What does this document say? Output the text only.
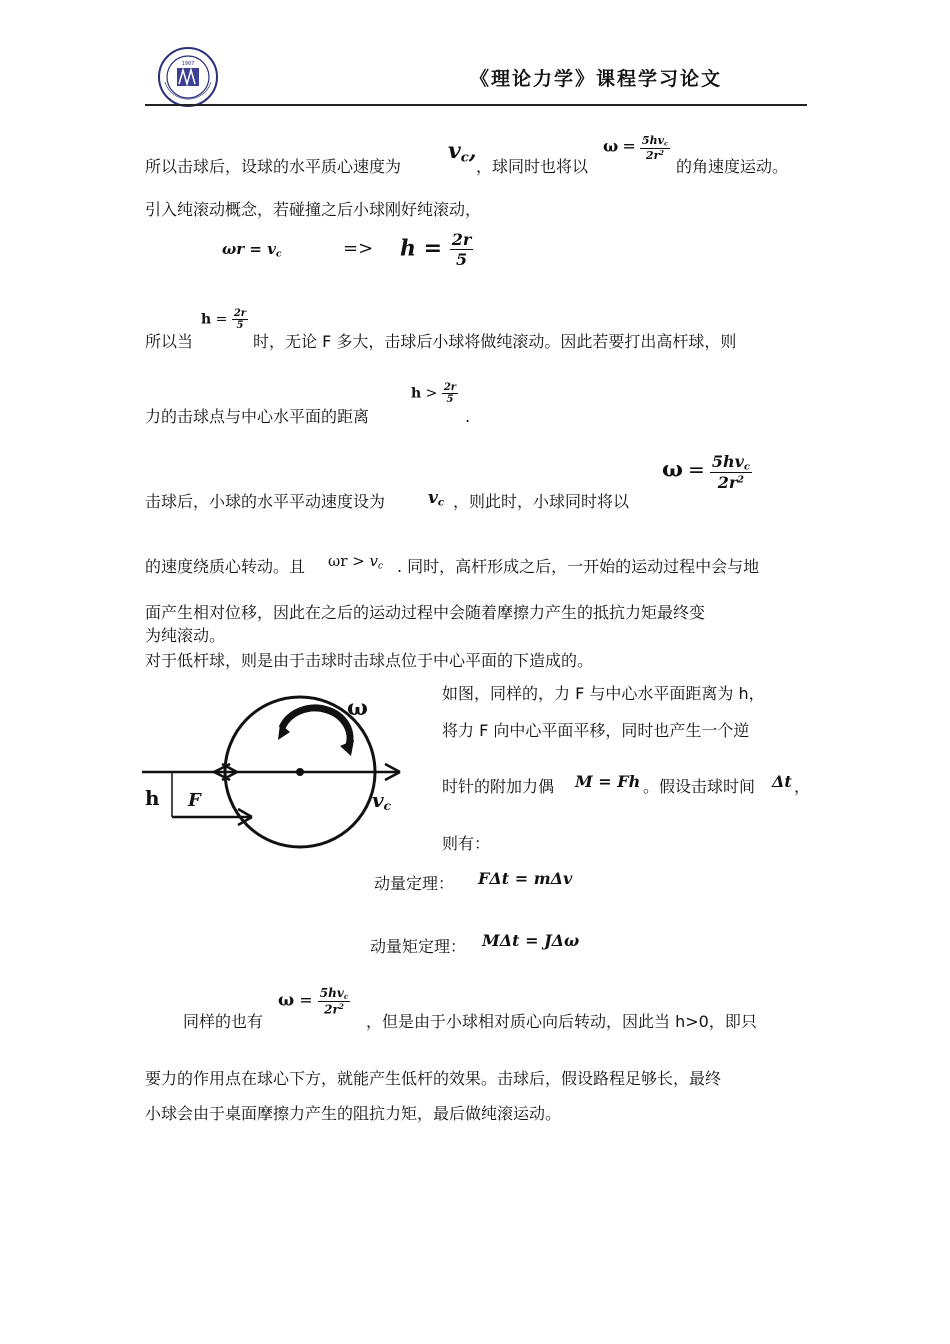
1907
《理论力学》课程学习论文
所以击球后，设球的水平质心速度为
$v_c$,
，球同时也将以
$\omega = \frac{5hv_c}{2r^2}$
的角速度运动。
引入纯滚动概念，若碰撞之后小球刚好纯滚动，
$\omega r = v_c$	=> $h = \frac{2r}{5}$
所以当
$h = \frac{2r}{5}$
时，无论 F 多大，击球后小球将做纯滚动。因此若要打出高杆球，则
力的击球点与中心水平面的距离
$h > \frac{2r}{5}$
.
击球后，小球的水平平动速度设为	$v_c$ ，则此时，小球同时将以
$\omega = \frac{5hv_c}{2r^2}$
的速度绕质心转动。且 $\omega r > v_c$ . 同时，高杆形成之后，一开始的运动过程中会与地
面产生相对位移，因此在之后的运动过程中会随着摩擦力产生的抵抗力矩最终变
为纯滚动。
对于低杆球，则是由于击球时击球点位于中心平面的下造成的。
ω
h F	$v_c$
如图，同样的，力 F 与中心水平面距离为 h，
将力 F 向中心平面平移，同时也产生一个逆
时针的附加力偶 M = Fh 。假设击球时间 Δt ，
则有：
动量定理： FΔt = mΔv
动量矩定理： MΔt = JΔω
同样的也有
$\omega = \frac{5hv_c}{2r^2}$
，但是由于小球相对质心向后转动，因此当 h>0，即只
要力的作用点在球心下方，就能产生低杆的效果。击球后，假设路程足够长，最终
小球会由于桌面摩擦力产生的阻抗力矩，最后做纯滚运动。
